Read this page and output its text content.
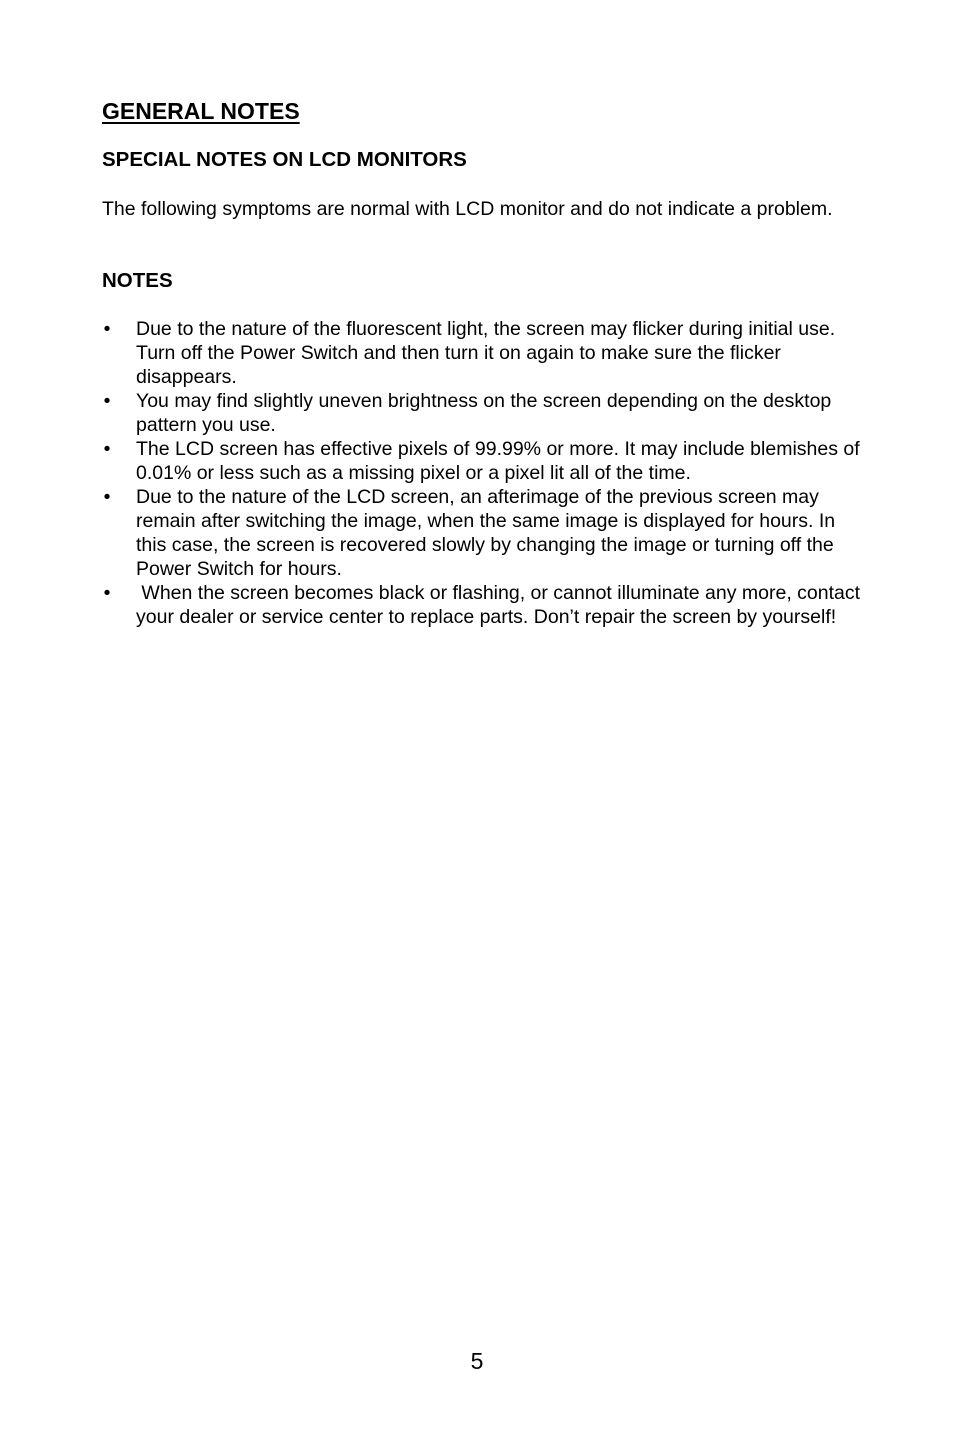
GENERAL NOTES
SPECIAL NOTES ON LCD MONITORS

The following symptoms are normal with LCD monitor and do not indicate a problem.

NOTES
• Due to the nature of the fluorescent light, the screen may flicker during initial use. Turn off the Power Switch and then turn it on again to make sure the flicker disappears.
• You may find slightly uneven brightness on the screen depending on the desktop pattern you use.
• The LCD screen has effective pixels of 99.99% or more. It may include blemishes of 0.01% or less such as a missing pixel or a pixel lit all of the time.
• Due to the nature of the LCD screen, an afterimage of the previous screen may remain after switching the image, when the same image is displayed for hours. In this case, the screen is recovered slowly by changing the image or turning off the Power Switch for hours.
• When the screen becomes black or flashing, or cannot illuminate any more, contact your dealer or service center to replace parts. Don’t repair the screen by yourself!
5
